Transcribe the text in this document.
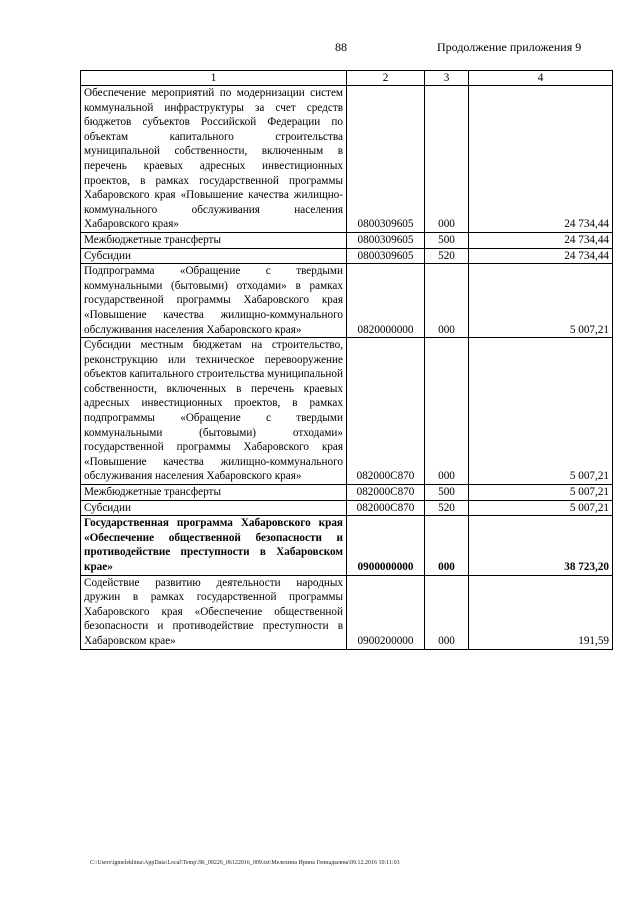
88	Продолжение приложения 9
1	2	3	4
Обеспечение мероприятий по модернизации систем коммунальной инфраструктуры за счет средств бюджетов субъектов Российской Федерации по объектам капитального строительства муниципальной собственности, включенным в перечень краевых адресных инвестиционных проектов, в рамках государственной программы Хабаровского края «Повышение качества жилищно-коммунального обслуживания населения Хабаровского края»	0800309605	000	24 734,44
Межбюджетные трансферты	0800309605	500	24 734,44
Субсидии	0800309605	520	24 734,44
Подпрограмма «Обращение с твердыми коммунальными (бытовыми) отходами» в рамках государственной программы Хабаровского края «Повышение качества жилищно-коммунального обслуживания населения Хабаровского края»	0820000000	000	5 007,21
Субсидии местным бюджетам на строительство, реконструкцию или техническое перевооружение объектов капитального строительства муниципальной собственности, включенных в перечень краевых адресных инвестиционных проектов, в рамках подпрограммы «Обращение с твердыми коммунальными (бытовыми) отходами» государственной программы Хабаровского края «Повышение качества жилищно-коммунального обслуживания населения Хабаровского края»	082000С870	000	5 007,21
Межбюджетные трансферты	082000С870	500	5 007,21
Субсидии	082000С870	520	5 007,21
Государственная программа Хабаровского края «Обеспечение общественной безопасности и противодействие преступности в Хабаровском крае»	0900000000	000	38 723,20
Содействие развитию деятельности народных дружин в рамках государственной программы Хабаровского края «Обеспечение общественной безопасности и противодействие преступности в Хабаровском крае»	0900200000	000	191,59
C:\Users\igmelekhina\AppData\Local\Temp\ЗК_00226_06122016_009.txt\Мелехина Ирина Геннадьевна\09.12.2016 10:11:03
